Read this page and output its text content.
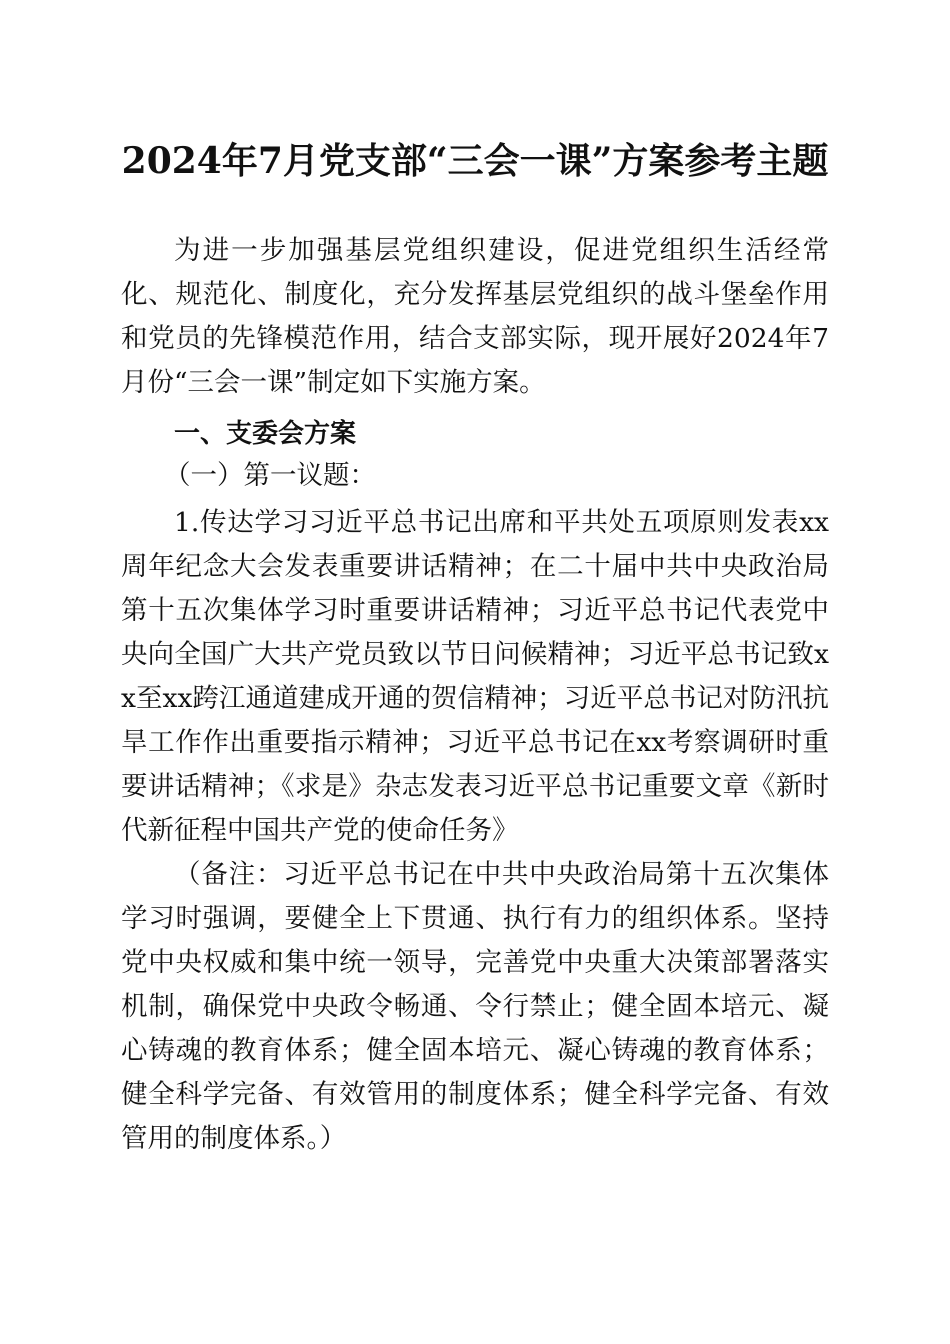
2024年7月党支部“三会一课”方案参考主题
为进一步加强基层党组织建设，促进党组织生活经常化、规范化、制度化，充分发挥基层党组织的战斗堡垒作用和党员的先锋模范作用，结合支部实际，现开展好2024年7月份“三会一课”制定如下实施方案。
一、支委会方案
（一）第一议题：
1.传达学习习近平总书记出席和平共处五项原则发表xx周年纪念大会发表重要讲话精神；在二十届中共中央政治局第十五次集体学习时重要讲话精神；习近平总书记代表党中央向全国广大共产党员致以节日问候精神；习近平总书记致xx至xx跨江通道建成开通的贺信精神；习近平总书记对防汛抗旱工作作出重要指示精神；习近平总书记在xx考察调研时重要讲话精神；《求是》杂志发表习近平总书记重要文章《新时代新征程中国共产党的使命任务》
（备注：习近平总书记在中共中央政治局第十五次集体学习时强调，要健全上下贯通、执行有力的组织体系。坚持党中央权威和集中统一领导，完善党中央重大决策部署落实机制，确保党中央政令畅通、令行禁止；健全固本培元、凝心铸魂的教育体系；健全固本培元、凝心铸魂的教育体系；健全科学完备、有效管用的制度体系；健全科学完备、有效管用的制度体系。）
